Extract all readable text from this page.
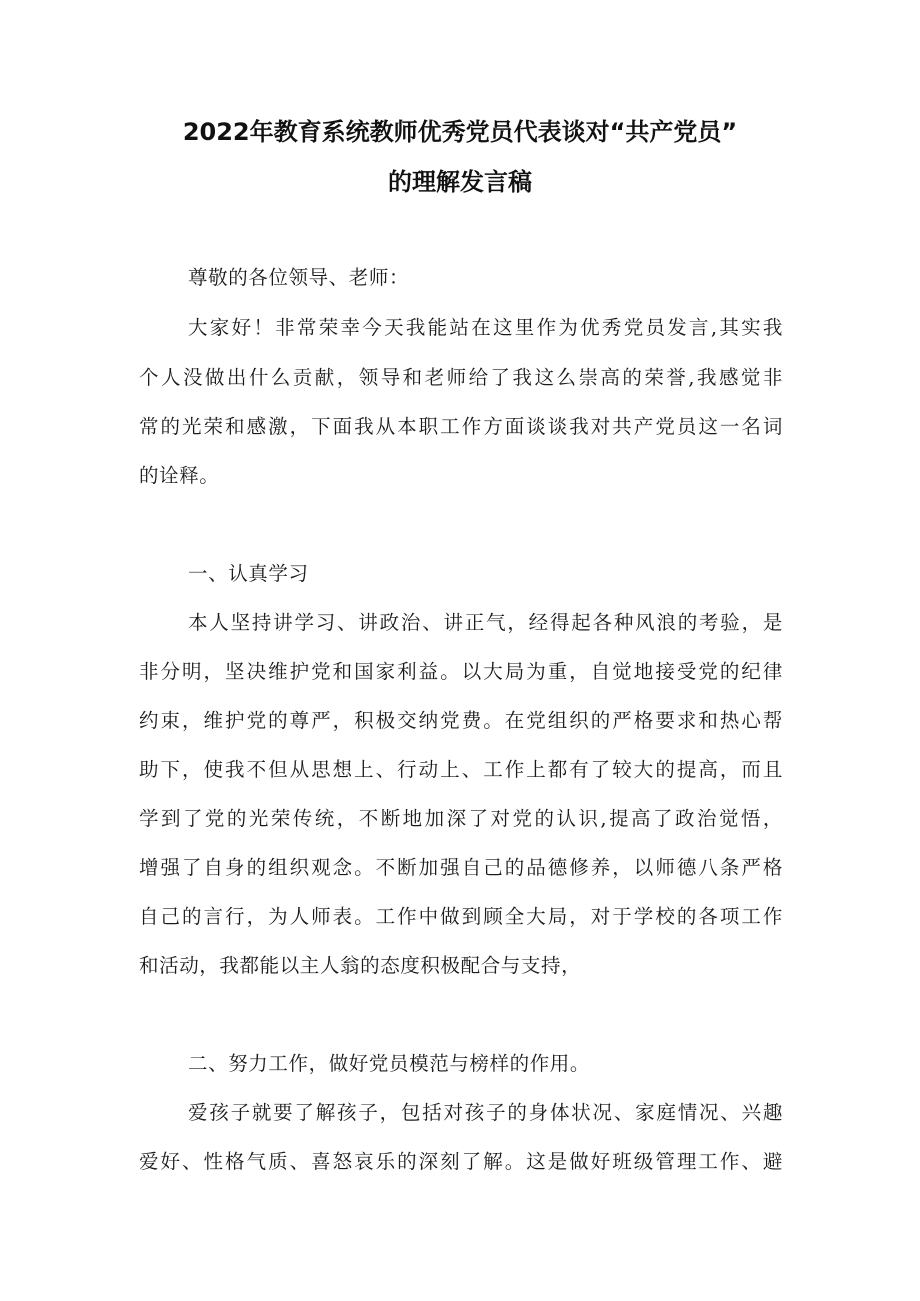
2022年教育系统教师优秀党员代表谈对“共产党员”
的理解发言稿

尊敬的各位领导、老师：

大家好！非常荣幸今天我能站在这里作为优秀党员发言,其实我

个人没做出什么贡献，领导和老师给了我这么崇高的荣誉,我感觉非

常的光荣和感激，下面我从本职工作方面谈谈我对共产党员这一名词

的诠释。

一、认真学习

本人坚持讲学习、讲政治、讲正气，经得起各种风浪的考验，是

非分明，坚决维护党和国家利益。以大局为重，自觉地接受党的纪律

约束，维护党的尊严，积极交纳党费。在党组织的严格要求和热心帮

助下，使我不但从思想上、行动上、工作上都有了较大的提高，而且

学到了党的光荣传统，不断地加深了对党的认识,提高了政治觉悟，

增强了自身的组织观念。不断加强自己的品德修养，以师德八条严格

自己的言行，为人师表。工作中做到顾全大局，对于学校的各项工作

和活动，我都能以主人翁的态度积极配合与支持，

二、努力工作，做好党员模范与榜样的作用。

爱孩子就要了解孩子，包括对孩子的身体状况、家庭情况、兴趣

爱好、性格气质、喜怒哀乐的深刻了解。这是做好班级管理工作、避
